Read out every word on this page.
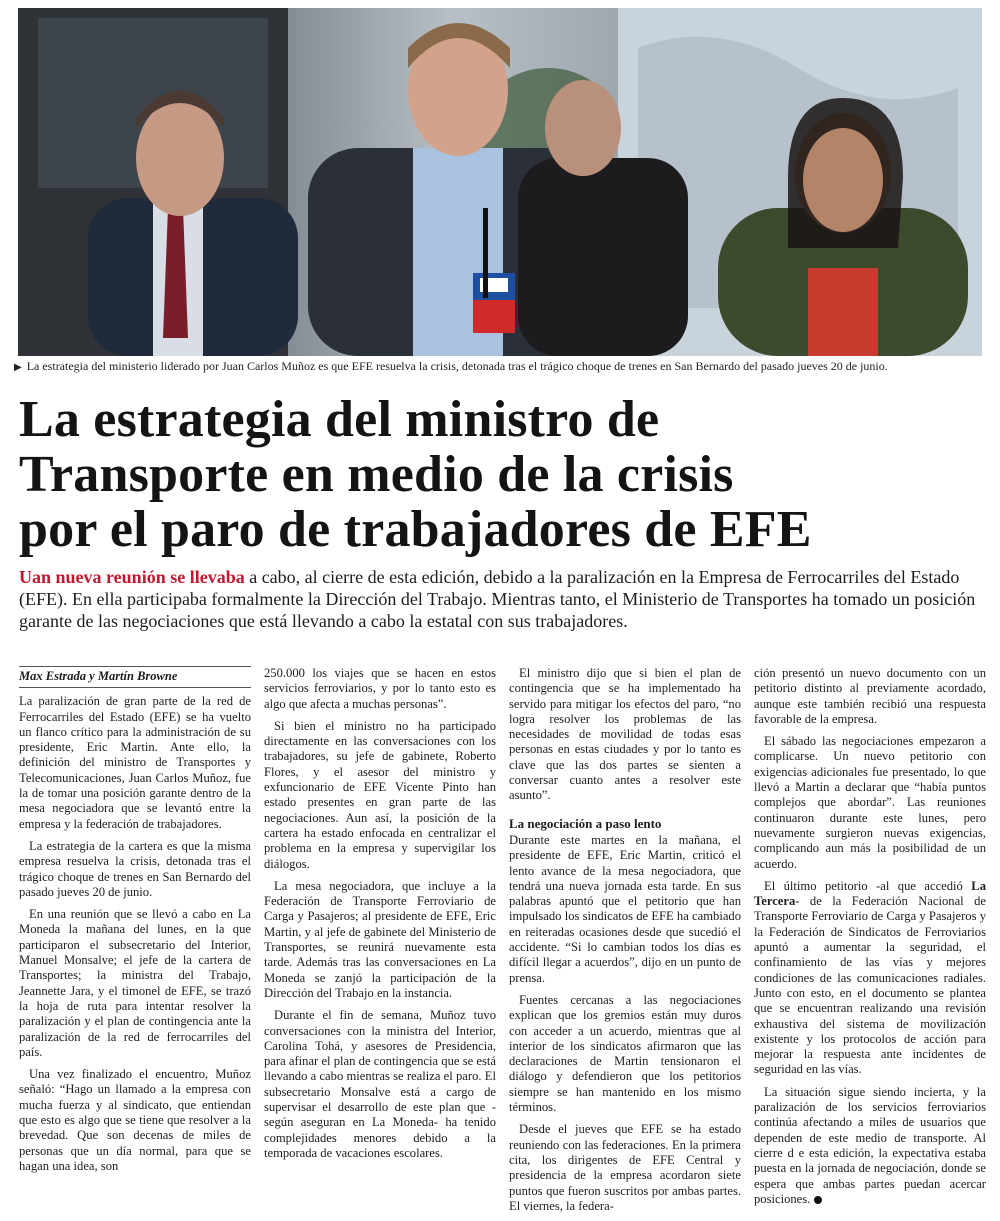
▶ La estrategia del ministerio liderado por Juan Carlos Muñoz es que EFE resuelva la crisis, detonada tras el trágico choque de trenes en San Bernardo del pasado jueves 20 de junio.
La estrategia del ministro de
Transporte en medio de la crisis
por el paro de trabajadores de EFE

Uan nueva reunión se llevaba a cabo, al cierre de esta edición, debido a la paralización en la Empresa de Ferrocarriles del Estado (EFE). En ella participaba formalmente la Dirección del Trabajo. Mientras tanto, el Ministerio de Transportes ha tomado un posición garante de las negociaciones que está llevando a cabo la estatal con sus trabajadores.

Max Estrada y Martín Browne

La paralización de gran parte de la red de Ferrocarriles del Estado (EFE) se ha vuelto un flanco crítico para la administración de su presidente, Eric Martin. Ante ello, la definición del ministro de Transportes y Telecomunicaciones, Juan Carlos Muñoz, fue la de tomar una posición garante dentro de la mesa negociadora que se levantó entre la empresa y la federación de trabajadores.

La estrategia de la cartera es que la misma empresa resuelva la crisis, detonada tras el trágico choque de trenes en San Bernardo del pasado jueves 20 de junio.

En una reunión que se llevó a cabo en La Moneda la mañana del lunes, en la que participaron el subsecretario del Interior, Manuel Monsalve; el jefe de la cartera de Transportes; la ministra del Trabajo, Jeannette Jara, y el timonel de EFE, se trazó la hoja de ruta para intentar resolver la paralización y el plan de contingencia ante la paralización de la red de ferrocarriles del país.

Una vez finalizado el encuentro, Muñoz señaló: “Hago un llamado a la empresa con mucha fuerza y al sindicato, que entiendan que esto es algo que se tiene que resolver a la brevedad. Que son decenas de miles de personas que un día normal, para que se hagan una idea, son

250.000 los viajes que se hacen en estos servicios ferroviarios, y por lo tanto esto es algo que afecta a muchas personas”.

Si bien el ministro no ha participado directamente en las conversaciones con los trabajadores, su jefe de gabinete, Roberto Flores, y el asesor del ministro y exfuncionario de EFE Vicente Pinto han estado presentes en gran parte de las negociaciones. Aun así, la posición de la cartera ha estado enfocada en centralizar el problema en la empresa y supervigilar los diálogos.

La mesa negociadora, que incluye a la Federación de Transporte Ferroviario de Carga y Pasajeros; al presidente de EFE, Eric Martin, y al jefe de gabinete del Ministerio de Transportes, se reunirá nuevamente esta tarde. Además tras las conversaciones en La Moneda se zanjó la participación de la Dirección del Trabajo en la instancia.

Durante el fin de semana, Muñoz tuvo conversaciones con la ministra del Interior, Carolina Tohá, y asesores de Presidencia, para afinar el plan de contingencia que se está llevando a cabo mientras se realiza el paro. El subsecretario Monsalve está a cargo de supervisar el desarrollo de este plan que -según aseguran en La Moneda- ha tenido complejidades menores debido a la temporada de vacaciones escolares.

El ministro dijo que si bien el plan de contingencia que se ha implementado ha servido para mitigar los efectos del paro, “no logra resolver los problemas de las necesidades de movilidad de todas esas personas en estas ciudades y por lo tanto es clave que las dos partes se sienten a conversar cuanto antes a resolver este asunto”.

La negociación a paso lento

Durante este martes en la mañana, el presidente de EFE, Eric Martin, criticó el lento avance de la mesa negociadora, que tendrá una nueva jornada esta tarde. En sus palabras apuntó que el petitorio que han impulsado los sindicatos de EFE ha cambiado en reiteradas ocasiones desde que sucedió el accidente. “Si lo cambian todos los días es difícil llegar a acuerdos”, dijo en un punto de prensa.

Fuentes cercanas a las negociaciones explican que los gremios están muy duros con acceder a un acuerdo, mientras que al interior de los sindicatos afirmaron que las declaraciones de Martin tensionaron el diálogo y defendieron que los petitorios siempre se han mantenido en los mismo términos.

Desde el jueves que EFE se ha estado reuniendo con las federaciones. En la primera cita, los dirigentes de EFE Central y presidencia de la empresa acordaron siete puntos que fueron suscritos por ambas partes. El viernes, la federa-

ción presentó un nuevo documento con un petitorio distinto al previamente acordado, aunque este también recibió una respuesta favorable de la empresa.

El sábado las negociaciones empezaron a complicarse. Un nuevo petitorio con exigencias adicionales fue presentado, lo que llevó a Martin a declarar que “había puntos complejos que abordar”. Las reuniones continuaron durante este lunes, pero nuevamente surgieron nuevas exigencias, complicando aun más la posibilidad de un acuerdo.

El último petitorio -al que accedió La Tercera- de la Federación Nacional de Transporte Ferroviario de Carga y Pasajeros y la Federación de Sindicatos de Ferroviarios apuntó a aumentar la seguridad, el confinamiento de las vías y mejores condiciones de las comunicaciones radiales. Junto con esto, en el documento se plantea que se encuentran realizando una revisión exhaustiva del sistema de movilización existente y los protocolos de acción para mejorar la respuesta ante incidentes de seguridad en las vías.

La situación sigue siendo incierta, y la paralización de los servicios ferroviarios continúa afectando a miles de usuarios que dependen de este medio de transporte. Al cierre d e esta edición, la expectativa estaba puesta en la jornada de negociación, donde se espera que ambas partes puedan acercar posiciones.
